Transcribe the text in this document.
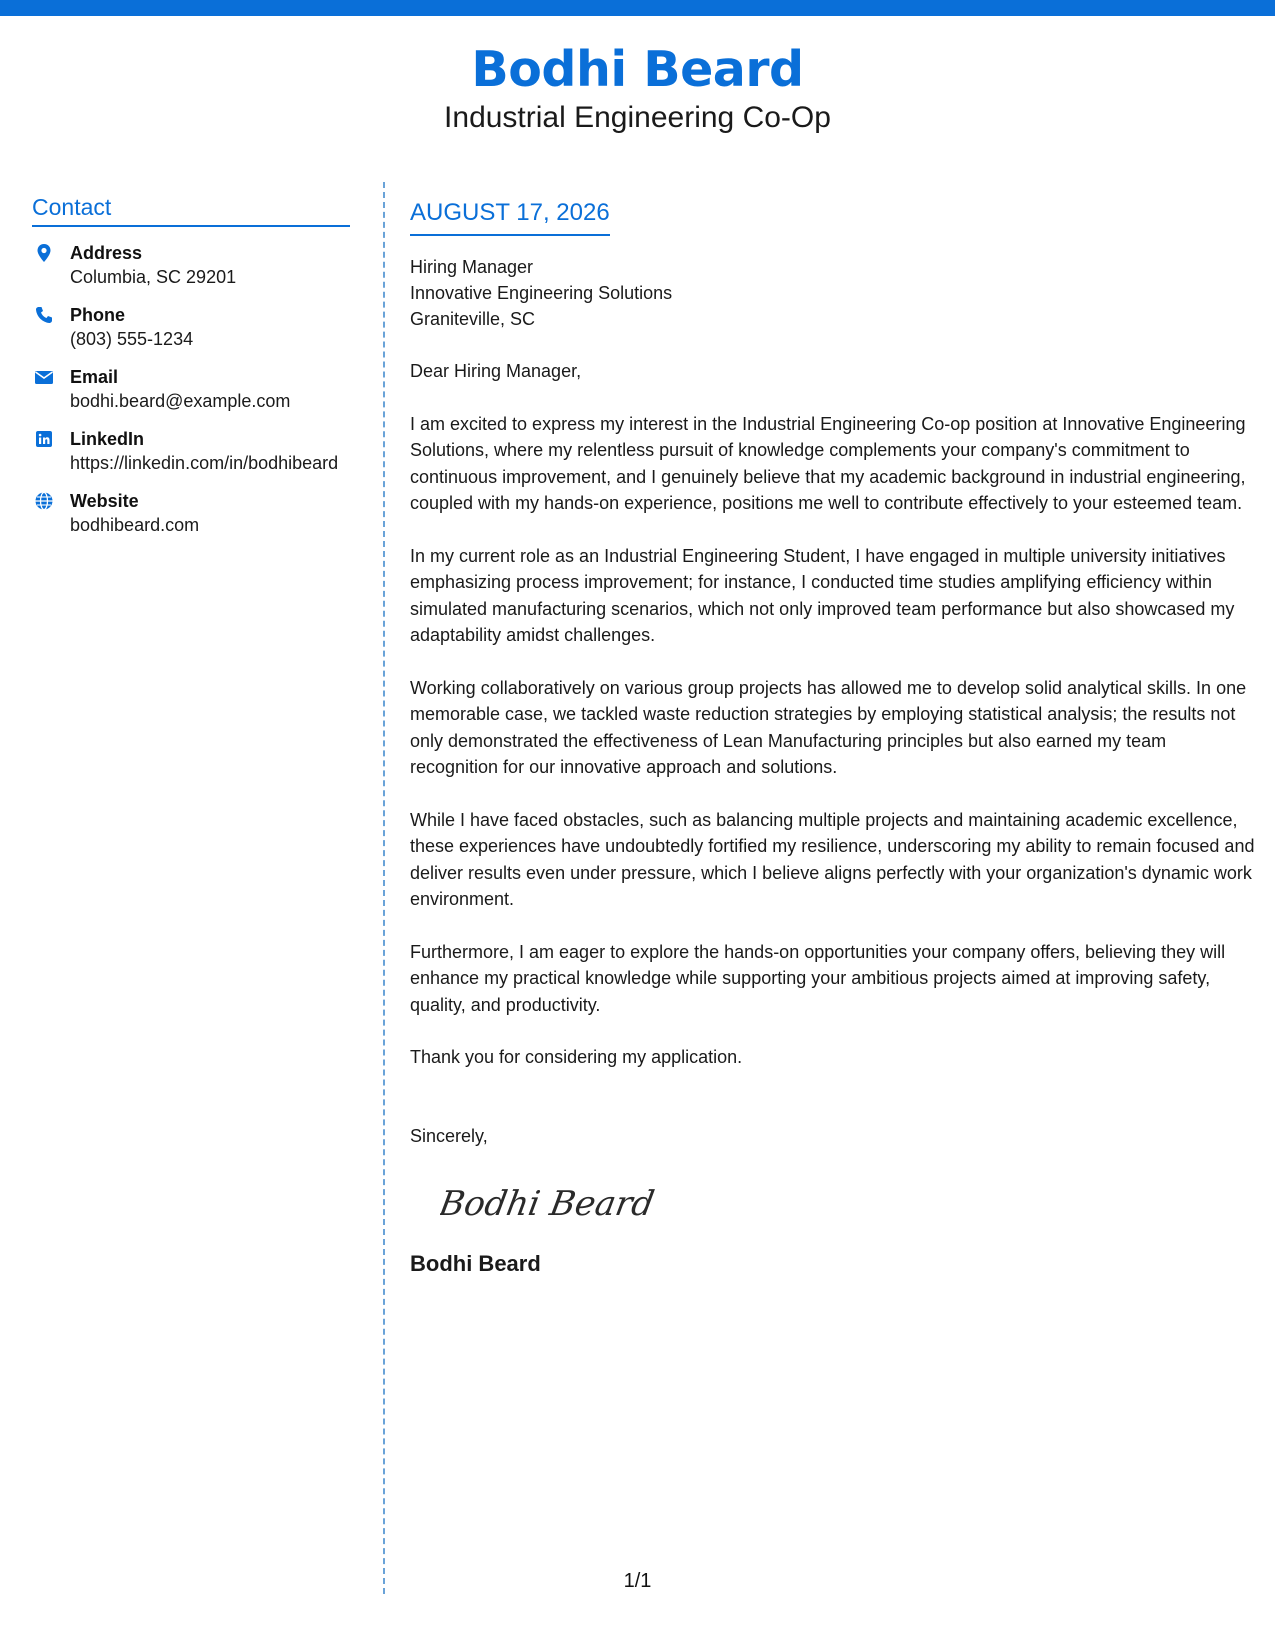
Bodhi Beard
Industrial Engineering Co-Op
Contact
Address
Columbia, SC 29201
Phone
(803) 555-1234
Email
bodhi.beard@example.com
LinkedIn
https://linkedin.com/in/bodhibeard
Website
bodhibeard.com
AUGUST 17, 2026
Hiring Manager
Innovative Engineering Solutions
Graniteville, SC
Dear Hiring Manager,
I am excited to express my interest in the Industrial Engineering Co-op position at Innovative Engineering Solutions, where my relentless pursuit of knowledge complements your company's commitment to continuous improvement, and I genuinely believe that my academic background in industrial engineering, coupled with my hands-on experience, positions me well to contribute effectively to your esteemed team.
In my current role as an Industrial Engineering Student, I have engaged in multiple university initiatives emphasizing process improvement; for instance, I conducted time studies amplifying efficiency within simulated manufacturing scenarios, which not only improved team performance but also showcased my adaptability amidst challenges.
Working collaboratively on various group projects has allowed me to develop solid analytical skills. In one memorable case, we tackled waste reduction strategies by employing statistical analysis; the results not only demonstrated the effectiveness of Lean Manufacturing principles but also earned my team recognition for our innovative approach and solutions.
While I have faced obstacles, such as balancing multiple projects and maintaining academic excellence, these experiences have undoubtedly fortified my resilience, underscoring my ability to remain focused and deliver results even under pressure, which I believe aligns perfectly with your organization's dynamic work environment.
Furthermore, I am eager to explore the hands-on opportunities your company offers, believing they will enhance my practical knowledge while supporting your ambitious projects aimed at improving safety, quality, and productivity.
Thank you for considering my application.
Sincerely,
Bodhi Beard
Bodhi Beard
1/1
